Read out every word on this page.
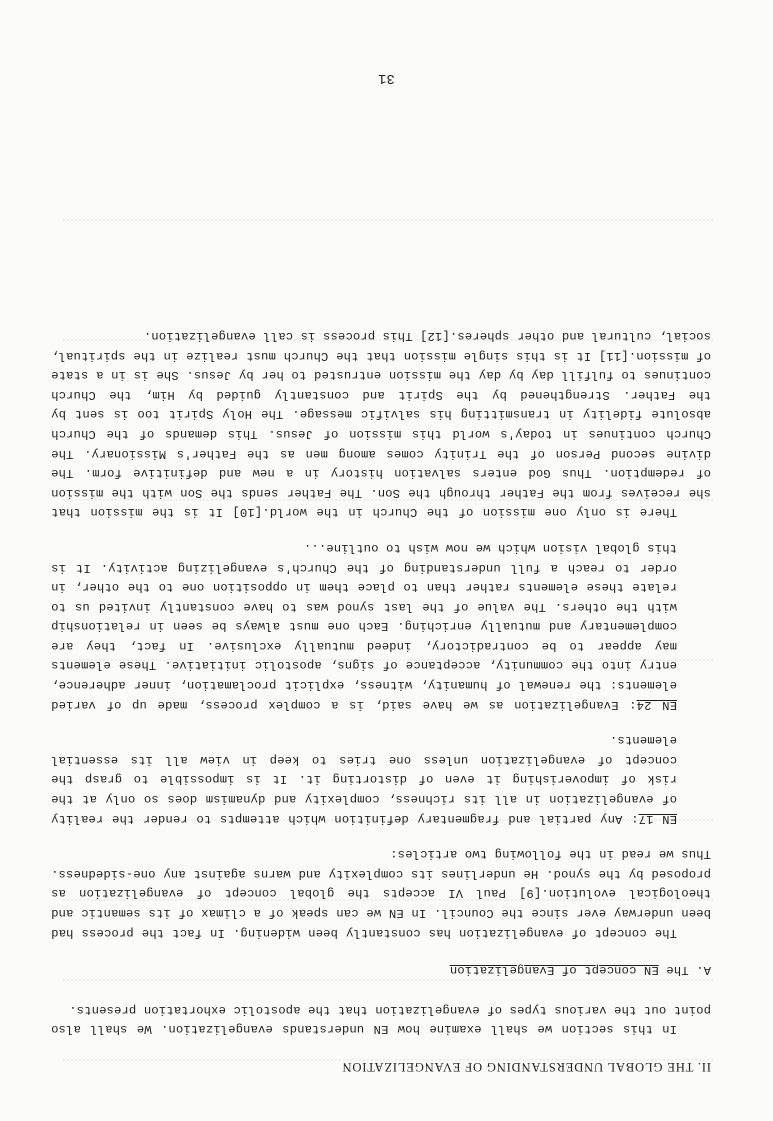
II. THE GLOBAL UNDERSTANDING OF EVANGELIZATION

In this section we shall examine how EN understands evangelization. We shall also point out the various types of evangelization that the apostolic exhortation presents.

A. The EN concept of Evangelization

The concept of evangelization has constantly been widening. In fact the process had been underway ever since the Council. In EN we can speak of a climax of its semantic and theological evolution.[9] Paul VI accepts the global concept of evangelization as proposed by the synod. He underlines its complexity and warns against any one-sidedness. Thus we read in the following two articles:

EN 17: Any partial and fragmentary definition which attempts to render the reality of evangelization in all its richness, complexity and dynamism does so only at the risk of impoverishing it even of distorting it. It is impossible to grasp the concept of evangelization unless one tries to keep in view all its essential elements.

EN 24: Evangelization as we have said, is a complex process, made up of varied elements: the renewal of humanity, witness, explicit proclamation, inner adherence, entry into the community, acceptance of signs, apostolic initiative. These elements may appear to be contradictory, indeed mutually exclusive. In fact, they are complementary and mutually enriching. Each one must always be seen in relationship with the others. The value of the last synod was to have constantly invited us to relate these elements rather than to place them in opposition one to the other, in order to reach a full understanding of the Church's evangelizing activity. It is this global vision which we now wish to outline...

There is only one mission of the Church in the world.[10] It is the mission that she receives from the Father through the Son. The Father sends the Son with the mission of redemption. Thus God enters salvation history in a new and definitive form. The divine second Person of the Trinity comes among men as the Father's Missionary. The Church continues in today's world this mission of Jesus. This demands of the Church absolute fidelity in transmitting his salvific message. The Holy Spirit too is sent by the Father. Strengthened by the Spirit and constantly guided by Him, the Church continues to fulfill day by day the mission entrusted to her by Jesus. She is in a state of mission.[11] It is this single mission that the Church must realize in the spiritual, social, cultural and other spheres.[12] This process is call evangelization.

31
